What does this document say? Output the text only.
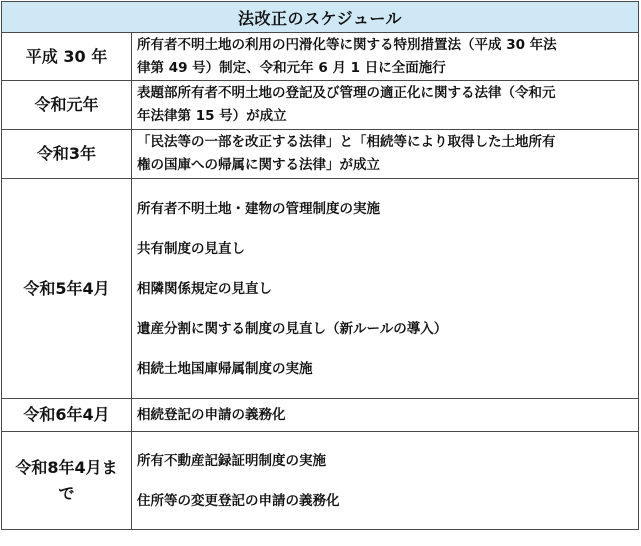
法改正のスケジュール	
平成 30 年	所有者不明土地の利用の円滑化等に関する特別措置法（平成 30 年法
律第 49 号）制定、令和元年 6 月 1 日に全面施行

令和元年	表題部所有者不明土地の登記及び管理の適正化に関する法律（令和元
年法律第 15 号）が成立

令和3年	「民法等の一部を改正する法律」と「相続等により取得した土地所有
権の国庫への帰属に関する法律」が成立

令和5年4月	所有者不明土地・建物の管理制度の実施
共有制度の見直し
相隣関係規定の見直し
遺産分割に関する制度の見直し（新ルールの導入）
相続土地国庫帰属制度の実施

令和6年4月	相続登記の申請の義務化

令和8年4月ま
で	所有不動産記録証明制度の実施
住所等の変更登記の申請の義務化
